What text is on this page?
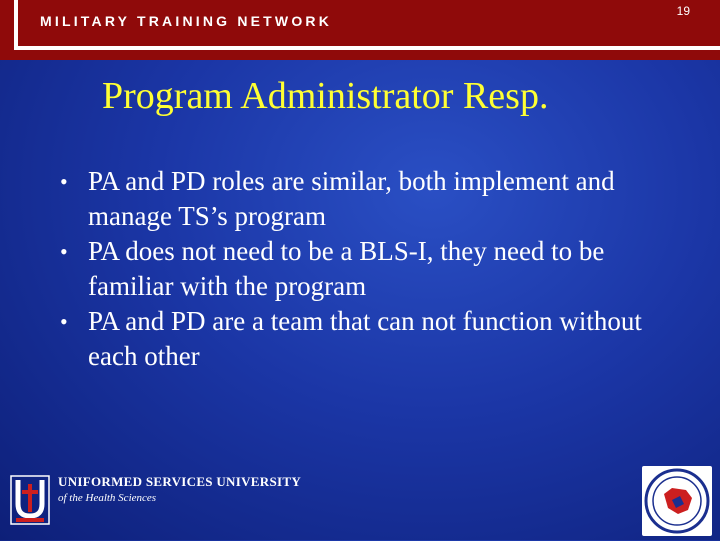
MILITARY TRAINING NETWORK
19
Program Administrator Resp.
• PA and PD roles are similar, both implement and manage TS’s program
• PA does not need to be a BLS-I, they need to be familiar with the program
• PA and PD are a team that can not function without each other
UNIFORMED SERVICES UNIVERSITY
of the Health Sciences
